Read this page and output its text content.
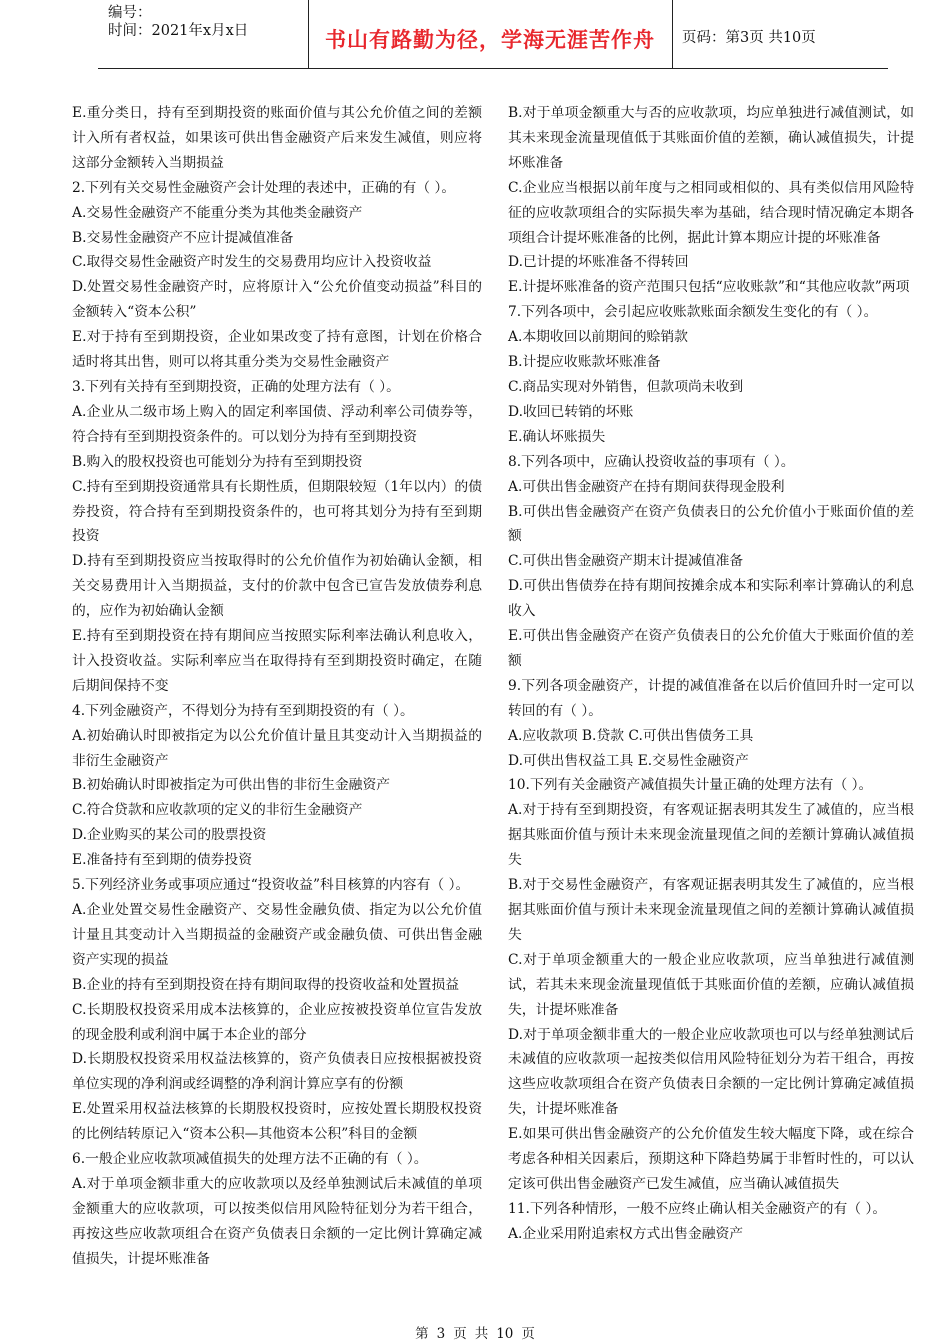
编号：
时间：2021年x月x日	书山有路勤为径，学海无涯苦作舟	页码：第3页 共10页

E.重分类日，持有至到期投资的账面价值与其公允价值之间的差额计入所有者权益，如果该可供出售金融资产后来发生减值，则应将这部分金额转入当期损益

2.下列有关交易性金融资产会计处理的表述中，正确的有（ ）。

A.交易性金融资产不能重分类为其他类金融资产

B.交易性金融资产不应计提减值准备

C.取得交易性金融资产时发生的交易费用均应计入投资收益

D.处置交易性金融资产时，应将原计入“公允价值变动损益”科目的金额转入“资本公积”

E.对于持有至到期投资，企业如果改变了持有意图，计划在价格合适时将其出售，则可以将其重分类为交易性金融资产

3.下列有关持有至到期投资，正确的处理方法有（ ）。

A.企业从二级市场上购入的固定利率国债、浮动利率公司债券等，符合持有至到期投资条件的。可以划分为持有至到期投资

B.购入的股权投资也可能划分为持有至到期投资

C.持有至到期投资通常具有长期性质，但期限较短（1年以内）的债券投资，符合持有至到期投资条件的，也可将其划分为持有至到期投资

D.持有至到期投资应当按取得时的公允价值作为初始确认金额，相关交易费用计入当期损益，支付的价款中包含已宣告发放债券利息的，应作为初始确认金额

E.持有至到期投资在持有期间应当按照实际利率法确认利息收入，计入投资收益。实际利率应当在取得持有至到期投资时确定，在随后期间保持不变

4.下列金融资产，不得划分为持有至到期投资的有（ ）。

A.初始确认时即被指定为以公允价值计量且其变动计入当期损益的非衍生金融资产

B.初始确认时即被指定为可供出售的非衍生金融资产

C.符合贷款和应收款项的定义的非衍生金融资产

D.企业购买的某公司的股票投资

E.准备持有至到期的债券投资

5.下列经济业务或事项应通过“投资收益”科目核算的内容有（ ）。

A.企业处置交易性金融资产、交易性金融负债、指定为以公允价值计量且其变动计入当期损益的金融资产或金融负债、可供出售金融资产实现的损益

B.企业的持有至到期投资在持有期间取得的投资收益和处置损益

C.长期股权投资采用成本法核算的，企业应按被投资单位宣告发放的现金股利或利润中属于本企业的部分

D.长期股权投资采用权益法核算的，资产负债表日应按根据被投资单位实现的净利润或经调整的净利润计算应享有的份额

E.处置采用权益法核算的长期股权投资时，应按处置长期股权投资的比例结转原记入“资本公积—其他资本公积”科目的金额

6.一般企业应收款项减值损失的处理方法不正确的有（ ）。

A.对于单项金额非重大的应收款项以及经单独测试后未减值的单项金额重大的应收款项，可以按类似信用风险特征划分为若干组合，再按这些应收款项组合在资产负债表日余额的一定比例计算确定减值损失，计提坏账准备

B.对于单项金额重大与否的应收款项，均应单独进行减值测试，如其未来现金流量现值低于其账面价值的差额，确认减值损失，计提坏账准备

C.企业应当根据以前年度与之相同或相似的、具有类似信用风险特征的应收款项组合的实际损失率为基础，结合现时情况确定本期各项组合计提坏账准备的比例，据此计算本期应计提的坏账准备

D.已计提的坏账准备不得转回

E.计提坏账准备的资产范围只包括“应收账款”和“其他应收款”两项

7.下列各项中，会引起应收账款账面余额发生变化的有（ ）。

A.本期收回以前期间的赊销款

B.计提应收账款坏账准备

C.商品实现对外销售，但款项尚未收到

D.收回已转销的坏账

E.确认坏账损失

8.下列各项中，应确认投资收益的事项有（ ）。

A.可供出售金融资产在持有期间获得现金股利

B.可供出售金融资产在资产负债表日的公允价值小于账面价值的差额

C.可供出售金融资产期末计提减值准备

D.可供出售债券在持有期间按摊余成本和实际利率计算确认的利息收入

E.可供出售金融资产在资产负债表日的公允价值大于账面价值的差额

9.下列各项金融资产，计提的减值准备在以后价值回升时一定可以转回的有（ ）。

A.应收款项 B.贷款 C.可供出售债务工具

D.可供出售权益工具 E.交易性金融资产

10.下列有关金融资产减值损失计量正确的处理方法有（ ）。

A.对于持有至到期投资，有客观证据表明其发生了减值的，应当根据其账面价值与预计未来现金流量现值之间的差额计算确认减值损失

B.对于交易性金融资产，有客观证据表明其发生了减值的，应当根据其账面价值与预计未来现金流量现值之间的差额计算确认减值损失

C.对于单项金额重大的一般企业应收款项，应当单独进行减值测试，若其未来现金流量现值低于其账面价值的差额，应确认减值损失，计提坏账准备

D.对于单项金额非重大的一般企业应收款项也可以与经单独测试后未减值的应收款项一起按类似信用风险特征划分为若干组合，再按这些应收款项组合在资产负债表日余额的一定比例计算确定减值损失，计提坏账准备

E.如果可供出售金融资产的公允价值发生较大幅度下降，或在综合考虑各种相关因素后，预期这种下降趋势属于非暂时性的，可以认定该可供出售金融资产已发生减值，应当确认减值损失

11.下列各种情形，一般不应终止确认相关金融资产的有（ ）。

A.企业采用附追索权方式出售金融资产

第 3 页 共 10 页
